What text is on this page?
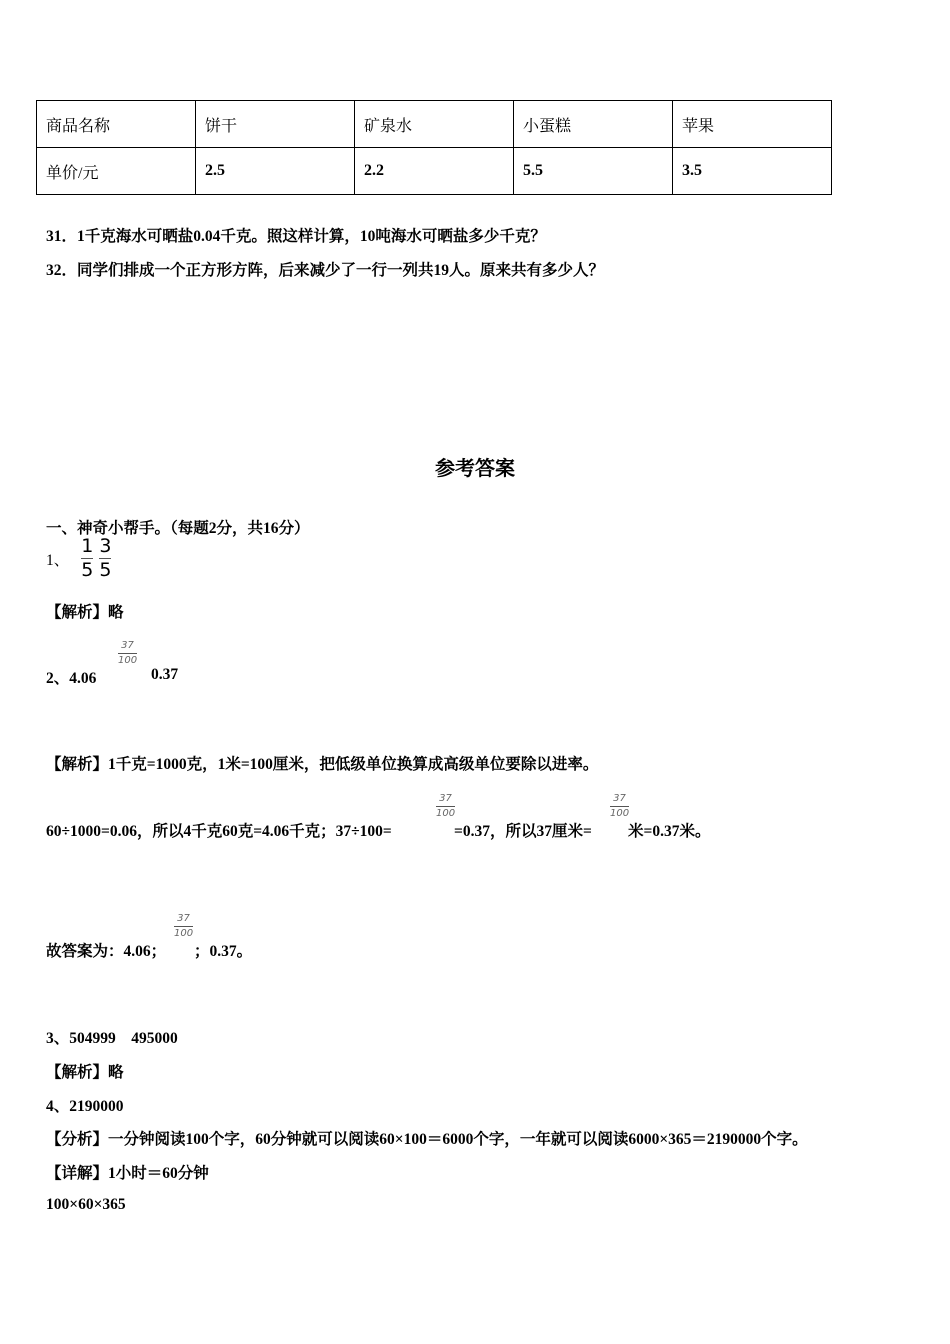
商品名称	饼干	矿泉水	小蛋糕	苹果
单价/元	2.5	2.2	5.5	3.5
31．1千克海水可晒盐0.04千克。照这样计算，10吨海水可晒盐多少千克？
32．同学们排成一个正方形方阵，后来减少了一行一列共19人。原来共有多少人？
参考答案
一、神奇小帮手。（每题2分，共16分）
1、 $\frac{1}{5} \frac{3}{5}$
【解析】略
2、4.06
37
100
0.37
【解析】1千克=1000克，1米=100厘米，把低级单位换算成高级单位要除以进率。
60÷1000=0.06，所以4千克60克=4.06千克；37÷100=
37
100
=0.37，所以37厘米=
37
100
米=0.37米。
故答案为：4.06；
37
100
；0.37。
3、504999　495000
【解析】略
4、2190000
【分析】一分钟阅读100个字，60分钟就可以阅读60×100＝6000个字，一年就可以阅读6000×365＝2190000个字。
【详解】1小时＝60分钟
100×60×365
